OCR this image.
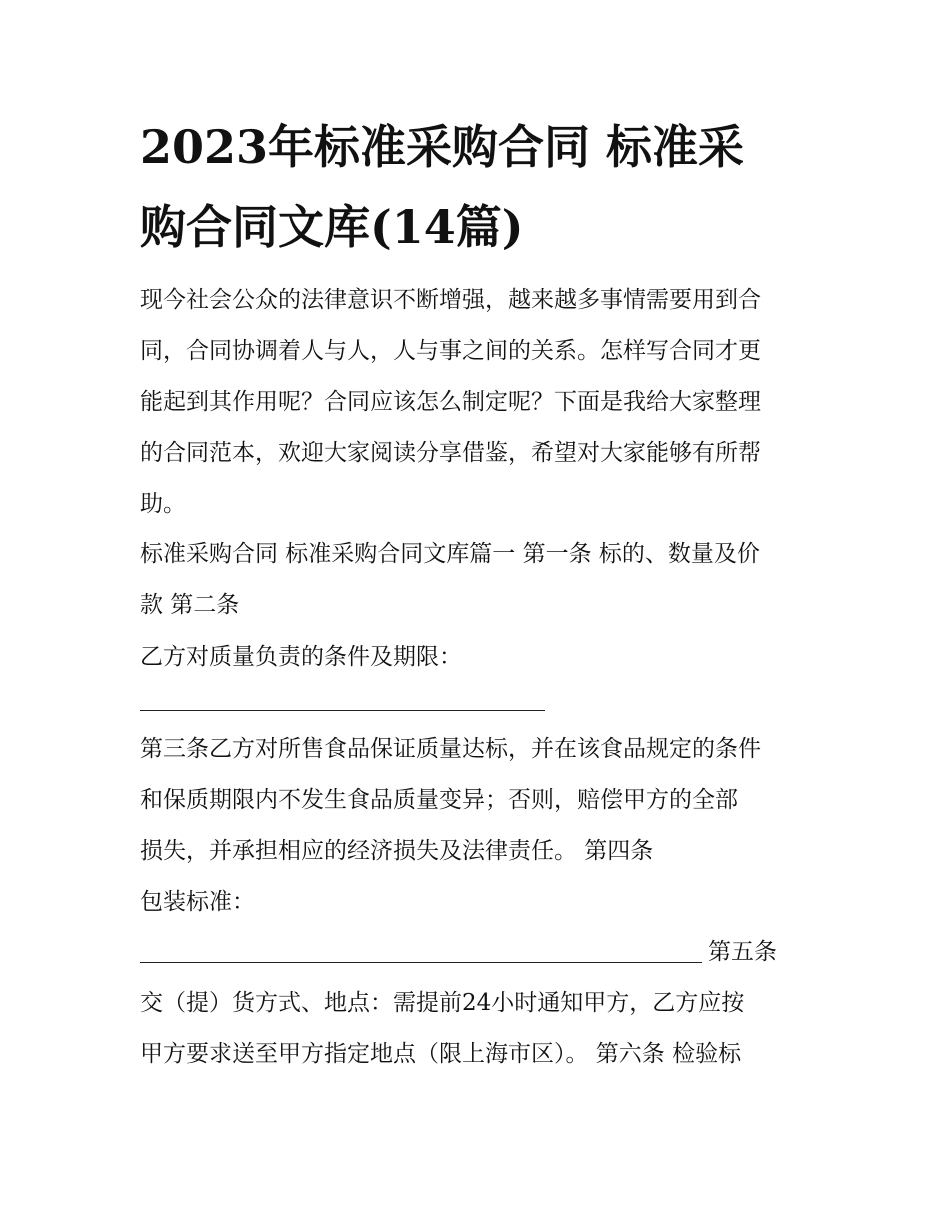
2023年标准采购合同 标准采
购合同文库(14篇)

现今社会公众的法律意识不断增强，越来越多事情需要用到合

同，合同协调着人与人，人与事之间的关系。怎样写合同才更

能起到其作用呢？合同应该怎么制定呢？下面是我给大家整理

的合同范本，欢迎大家阅读分享借鉴，希望对大家能够有所帮

助。

标准采购合同 标准采购合同文库篇一 第一条 标的、数量及价

款 第二条

乙方对质量负责的条件及期限：

第三条乙方对所售食品保证质量达标，并在该食品规定的条件

和保质期限内不发生食品质量变异；否则，赔偿甲方的全部

损失，并承担相应的经济损失及法律责任。 第四条

包装标准：

第五条

交（提）货方式、地点：需提前24小时通知甲方，乙方应按

甲方要求送至甲方指定地点（限上海市区）。 第六条 检验标
